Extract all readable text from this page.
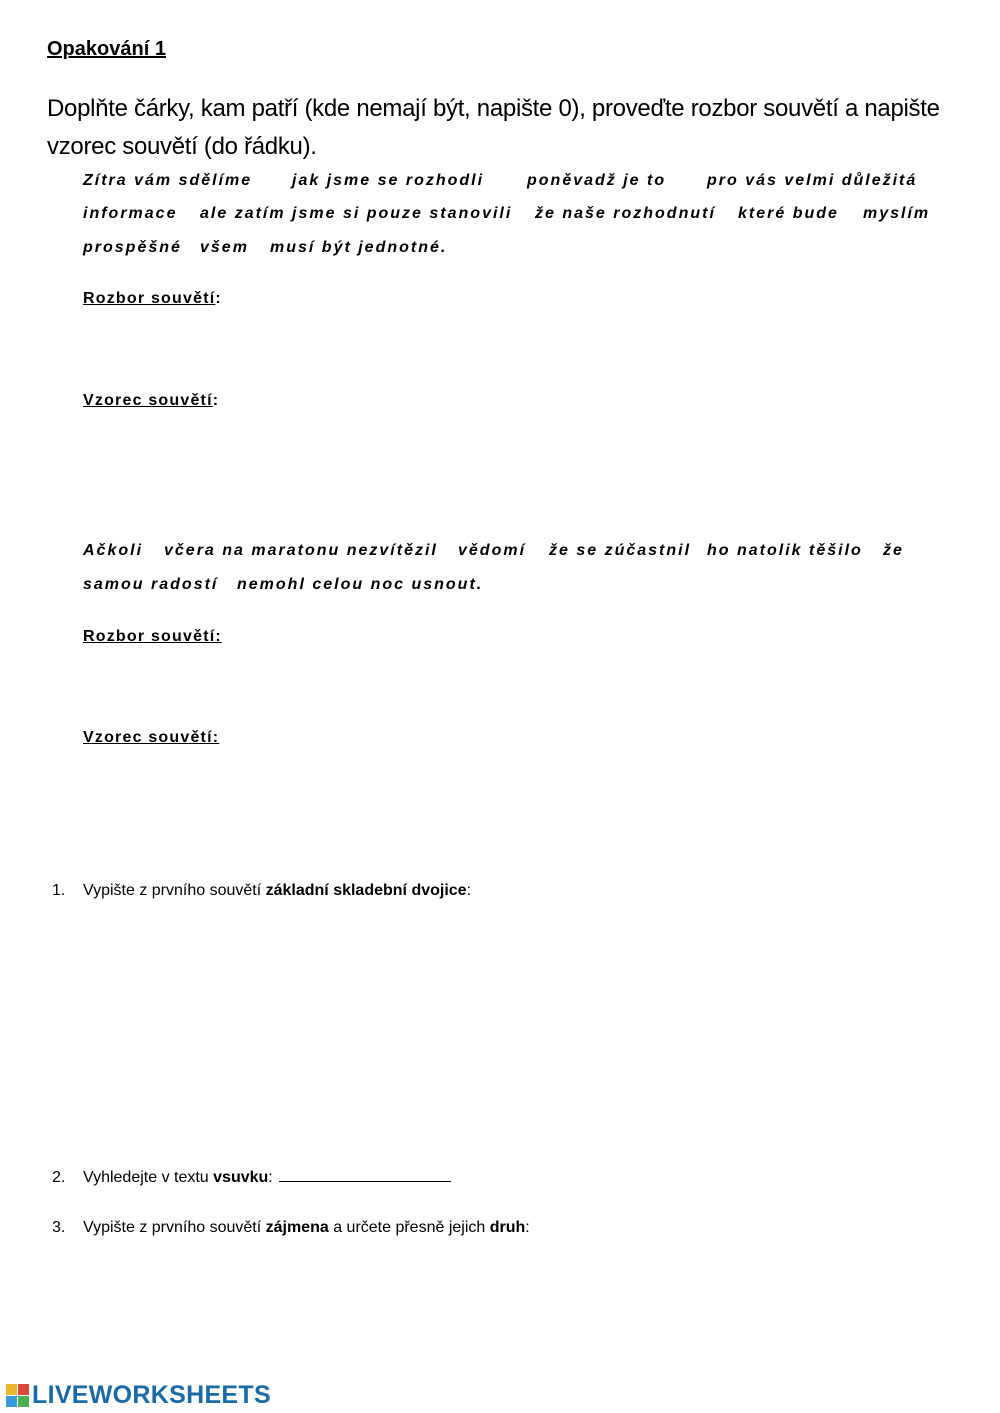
Opakování 1
Doplňte čárky, kam patří (kde nemají být, napište 0), proveďte rozbor souvětí a napište vzorec souvětí (do řádku).
Zítra vám sdělíme jak jsme se rozhodli	poněvadž je to	pro vás velmi důležitá
informace ale zatím jsme si pouze stanovili že naše rozhodnutí které bude myslím
prospěšné všem musí být jednotné.
Rozbor souvětí:
Vzorec souvětí:
Ačkoli včera na maratonu nezvítězil vědomí že se zúčastnil ho natolik těšilo že
samou radostí nemohl celou noc usnout.
Rozbor souvětí:
Vzorec souvětí:
1. Vypište z prvního souvětí základní skladební dvojice:
2. Vyhledejte v textu vsuvku:
3. Vypište z prvního souvětí zájmena a určete přesně jejich druh:
LIVEWORKSHEETS
